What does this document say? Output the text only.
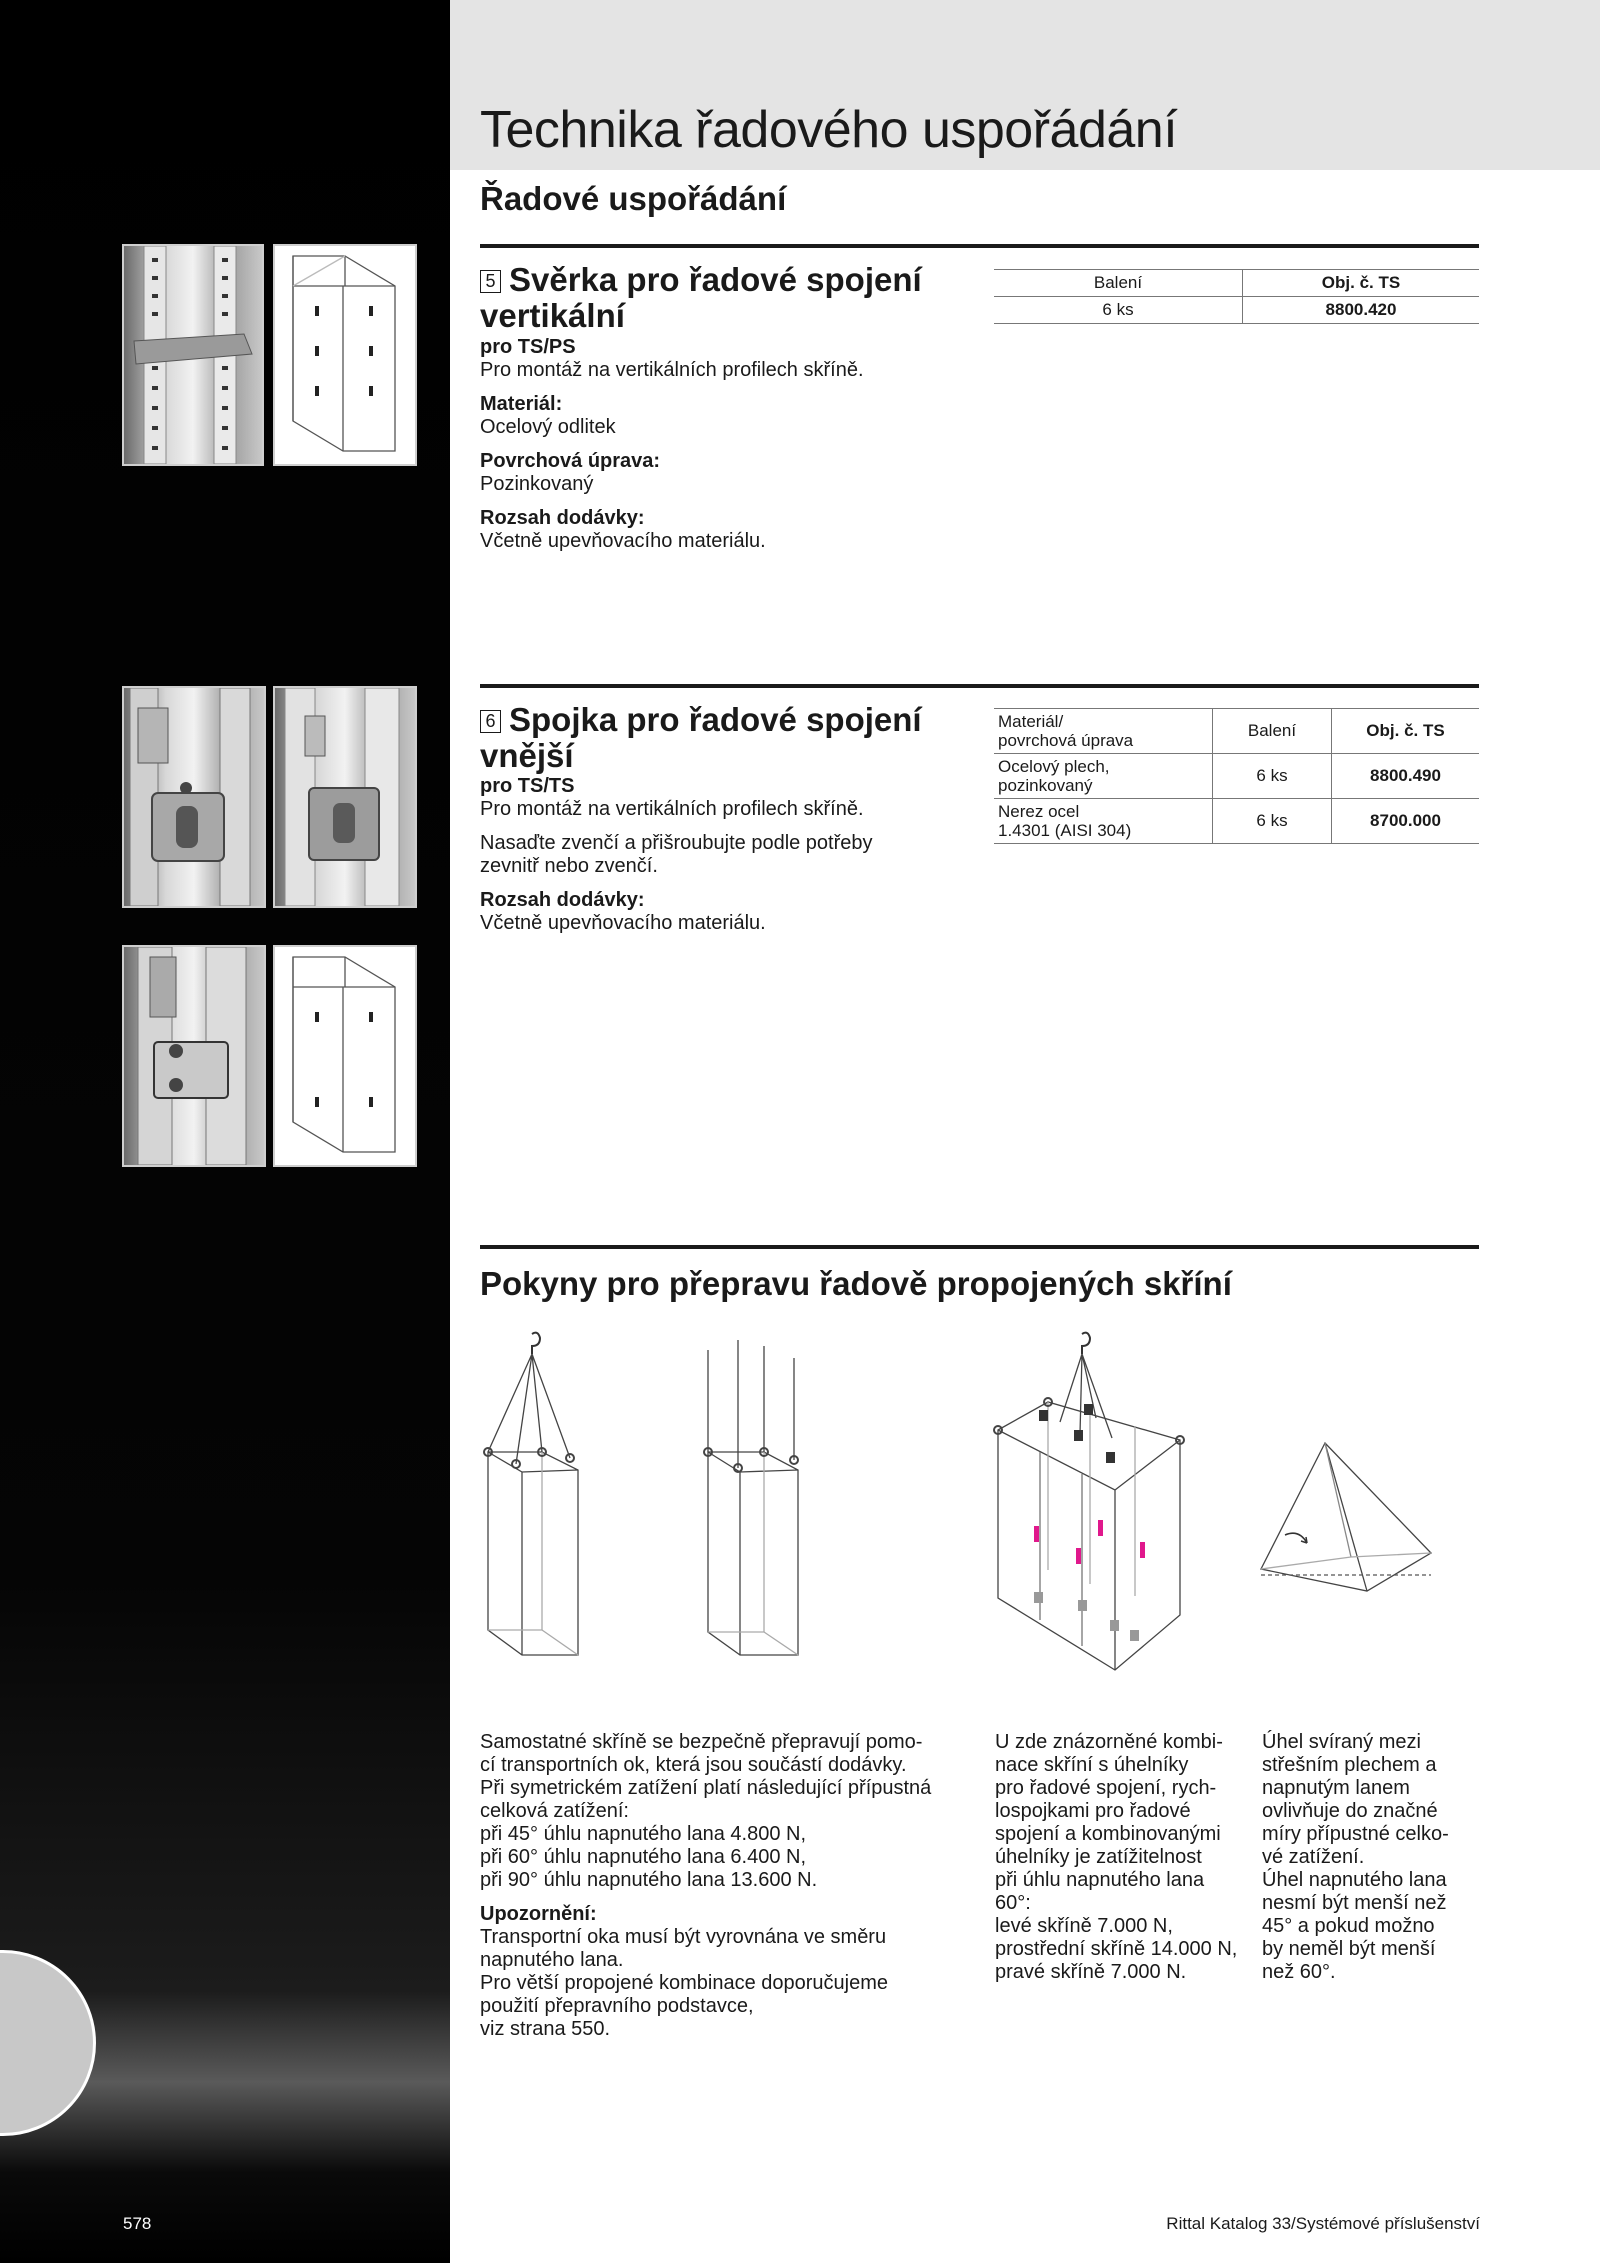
Technika řadového uspořádání
Řadové uspořádání
5 Svěrka pro řadové spojení
vertikální

pro TS/PS

Pro montáž na vertikálních profilech skříně.

Materiál:

Ocelový odlitek

Povrchová úprava:

Pozinkovaný

Rozsah dodávky:

Včetně upevňovacího materiálu.

Balení	Obj. č. TS
6 ks	8800.420
6 Spojka pro řadové spojení
vnější

pro TS/TS

Pro montáž na vertikálních profilech skříně.

Nasaďte zvenčí a přišroubujte podle potřeby

zevnitř nebo zvenčí.

Rozsah dodávky:

Včetně upevňovacího materiálu.

Materiál/
povrchová úprava	Balení	Obj. č. TS
Ocelový plech,
pozinkovaný	6 ks	8800.490
Nerez ocel
1.4301 (AISI 304)	6 ks	8700.000
Pokyny pro přepravu řadově propojených skříní

Samostatné skříně se bezpečně přepravují pomo-

cí transportních ok, která jsou součástí dodávky.

Při symetrickém zatížení platí následující přípustná

celková zatížení:

při 45° úhlu napnutého lana 4.800 N,

při 60° úhlu napnutého lana 6.400 N,

při 90° úhlu napnutého lana 13.600 N.

Upozornění:

Transportní oka musí být vyrovnána ve směru

napnutého lana.

Pro větší propojené kombinace doporučujeme

použití přepravního podstavce,

viz strana 550.

U zde znázorněné kombi-

nace skříní s úhelníky

pro řadové spojení, rych-

lospojkami pro řadové

spojení a kombinovanými

úhelníky je zatížitelnost

při úhlu napnutého lana

60°:

levé skříně 7.000 N,

prostřední skříně 14.000 N,

pravé skříně 7.000 N.

Úhel svíraný mezi

střešním plechem a

napnutým lanem

ovlivňuje do značné

míry přípustné celko-

vé zatížení.

Úhel napnutého lana

nesmí být menší než

45° a pokud možno

by neměl být menší

než 60°.

578	Rittal Katalog 33/Systémové příslušenství
